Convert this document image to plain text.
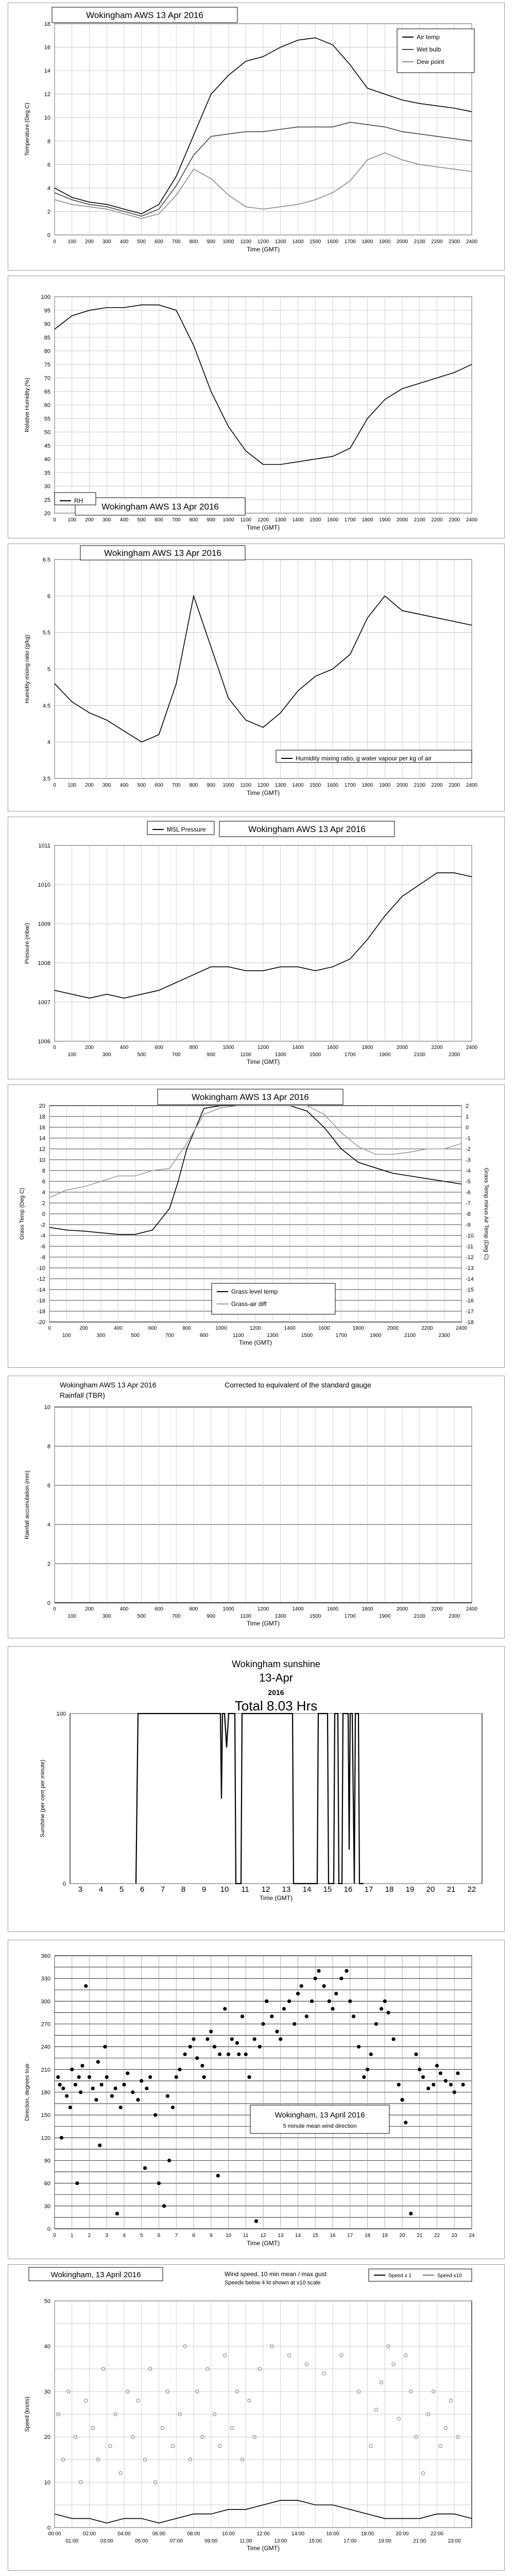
0
2
4
6
8
10
12
14
16
18
0 100 200 300 400 500 600 700 800 900 1000 1100 1200 1300 1400 1500 1600 1700 1800 1900 2000 2100 2200 2300 2400
Time (GMT)
Temperature (Deg C)
Wokingham AWS 13 Apr 2016
Air temp
Wet bulb
Dew point
20
25
30
35
40
45
50
55
60
65
70
75
80
85
90
95
100
0 100 200 300 400 500 600 700 800 900 1000 1100 1200 1300 1400 1500 1600 1700 1800 1900 2000 2100 2200 2300 2400
Time (GMT)
Relative Humidity (%)
Wokingham AWS 13 Apr 2016
RH
3.5
4
4.5
5
5.5
6
6.5
0 100 200 300 400 500 600 700 800 900 1000 1100 1200 1300 1400 1500 1600 1700 1800 1900 2000 2100 2200 2300 2400
Time (GMT)
Humidity mixing ratio (g/kg)
Wokingham AWS 13 Apr 2016
Humidity mixing ratio, g water vapour per kg of air
1006
1007
1008
1009
1010
1011
0	200	400	600	800	1000	1200	1400	1600	1800	2000	2200	2400
100	300	500	700	900	1100	1300	1500	1700	1900	2100	2300
Time (GMT)
Pressure (mbar)
Wokingham AWS 13 Apr 2016
MSL Pressure
-20
-18
-16
-14
-12
-10
-8
-6
-4
-2
0
2
4
6
8
10
12
14
16
18
20
-18
-17
-16
-15
-14
-13
-12
-11
-10
-9
-8
-7
-6
-5
-4
-3
-2
-1
0
1
2
Grass Temp minus Air Temp (Deg C)
0	200	400	600	800	1000	1200	1400	1600	1800	2000	2200	2400
100	300	500	700	900	1100	1300	1500	1700	1900	2100	2300
Time (GMT)
Grass Temp (Deg C)
Wokingham AWS 13 Apr 2016
Grass level temp
Grass-air diff
0
2
4
6
8
10
0	200	400	600	800	1000	1200	1400	1600	1800	2000	2200	2400
100	300	500	700	900	1100	1300	1500	1700	1900	2100	2300
Time (GMT)
Rainfall accumulation (mm)
Wokingham AWS 13 Apr 2016	Corrected to equivalent of the standard gauge
Rainfall (TBR)
0
100
3 4 5 6 7 8 9 10 11 12 13 14 15 16 17 18 19 20 21 22
Time (GMT)
Sunshine (per cent per minute)
Wokingham sunshine
13-Apr
2016
Total 8.03 Hrs
0
30
60
90
120
150
180
210
240
270
300
330
360
0	1	2	3	4	5	6	7	8	9	10 11 12 13 14 15 16 17 18 19 20 21 22 23 24
Time (GMT)
Direction, degrees true	Wokingham, 13 April 2016
5 minute mean wind direction
0
10
20
30
40
50
00:00	02:00	04:00	06:00	08:00	10:00	12:00	14:00	16:00	18:00	20:00	22:00
01:00	03:00	05:00	07:00	09:00	11:00	13:00	15:00	17:00	19:00	21:00	23:00
Time (GMT)
Speed (knots)
Wokingham, 13 April 2016	Wind speed, 10 min mean / max gust
Speeds below 4 kt shown at x10 scale
Speed x 1	Speed x10
